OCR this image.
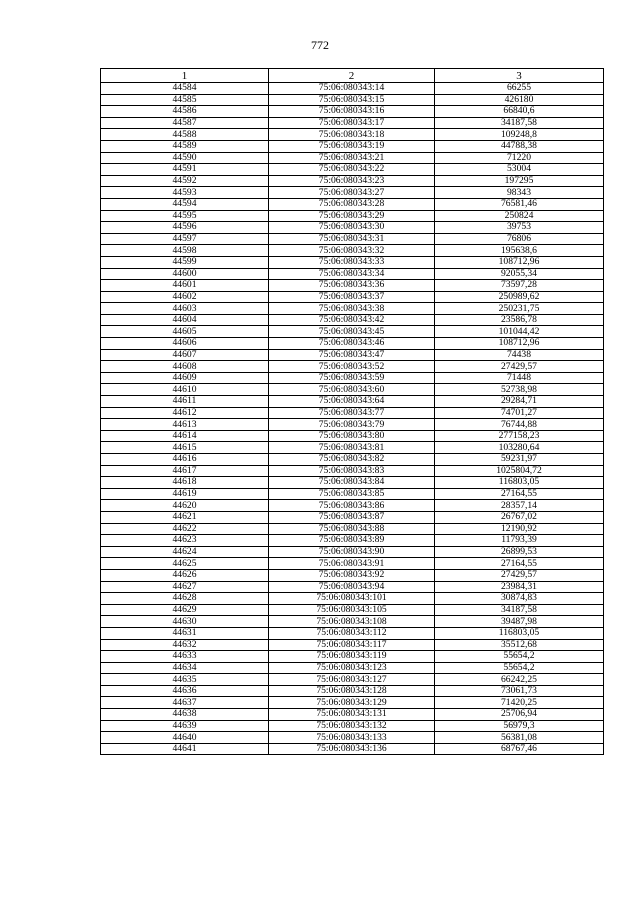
772
1	2	3
44584	75:06:080343:14	66255
44585	75:06:080343:15	426180
44586	75:06:080343:16	66840,6
44587	75:06:080343:17	34187,58
44588	75:06:080343:18	109248,8
44589	75:06:080343:19	44788,38
44590	75:06:080343:21	71220
44591	75:06:080343:22	53004
44592	75:06:080343:23	197295
44593	75:06:080343:27	98343
44594	75:06:080343:28	76581,46
44595	75:06:080343:29	250824
44596	75:06:080343:30	39753
44597	75:06:080343:31	76806
44598	75:06:080343:32	195638,6
44599	75:06:080343:33	108712,96
44600	75:06:080343:34	92055,34
44601	75:06:080343:36	73597,28
44602	75:06:080343:37	250989,62
44603	75:06:080343:38	250231,75
44604	75:06:080343:42	23586,78
44605	75:06:080343:45	101044,42
44606	75:06:080343:46	108712,96
44607	75:06:080343:47	74438
44608	75:06:080343:52	27429,57
44609	75:06:080343:59	71448
44610	75:06:080343:60	52738,98
44611	75:06:080343:64	29284,71
44612	75:06:080343:77	74701,27
44613	75:06:080343:79	76744,88
44614	75:06:080343:80	277158,23
44615	75:06:080343:81	103280,64
44616	75:06:080343:82	59231,97
44617	75:06:080343:83	1025804,72
44618	75:06:080343:84	116803,05
44619	75:06:080343:85	27164,55
44620	75:06:080343:86	28357,14
44621	75:06:080343:87	26767,02
44622	75:06:080343:88	12190,92
44623	75:06:080343:89	11793,39
44624	75:06:080343:90	26899,53
44625	75:06:080343:91	27164,55
44626	75:06:080343:92	27429,57
44627	75:06:080343:94	23984,31
44628	75:06:080343:101	30874,83
44629	75:06:080343:105	34187,58
44630	75:06:080343:108	39487,98
44631	75:06:080343:112	116803,05
44632	75:06:080343:117	35512,68
44633	75:06:080343:119	55654,2
44634	75:06:080343:123	55654,2
44635	75:06:080343:127	66242,25
44636	75:06:080343:128	73061,73
44637	75:06:080343:129	71420,25
44638	75:06:080343:131	25706,94
44639	75:06:080343:132	56979,3
44640	75:06:080343:133	56381,08
44641	75:06:080343:136	68767,46
